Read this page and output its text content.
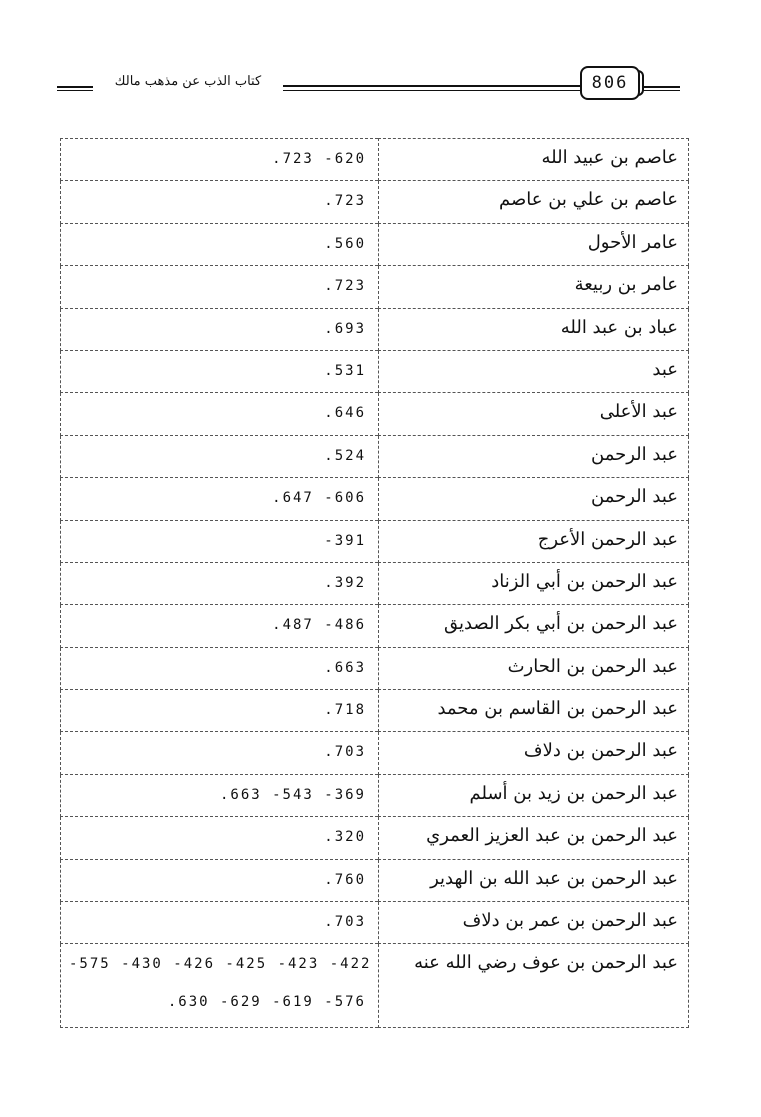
806
كتاب الذب عن مذهب مالك
عاصم بن عبيد الله	.723 -620
عاصم بن علي بن عاصم	.723
عامر الأحول	.560
عامر بن ربيعة	.723
عباد بن عبد الله	.693
عبد	.531
عبد الأعلى	.646
عبد الرحمن	.524
عبد الرحمن	.647 -606
عبد الرحمن الأعرج	-391
عبد الرحمن بن أبي الزناد	.392
عبد الرحمن بن أبي بكر الصديق	.487 -486
عبد الرحمن بن الحارث	.663
عبد الرحمن بن القاسم بن محمد	.718
عبد الرحمن بن دلاف	.703
عبد الرحمن بن زيد بن أسلم	.663 -543 -369
عبد الرحمن بن عبد العزيز العمري	.320
عبد الرحمن بن عبد الله بن الهدير	.760
عبد الرحمن بن عمر بن دلاف	.703
عبد الرحمن بن عوف رضي الله عنه	-575 -430 -426 -425 -423 -422
.630 -629 -619 -576
